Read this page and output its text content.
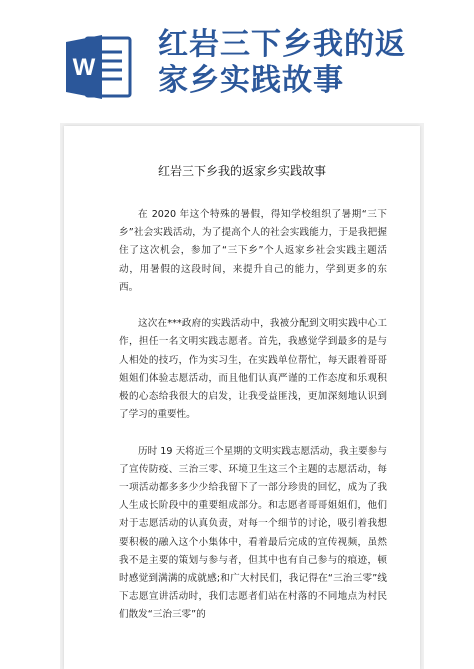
W
红岩三下乡我的返
家乡实践故事
红岩三下乡我的返家乡实践故事

在 2020 年这个特殊的暑假，得知学校组织了暑期“三下乡”社会实践活动，为了提高个人的社会实践能力，于是我把握住了这次机会，参加了“三下乡”个人返家乡社会实践主题活动，用暑假的这段时间，来提升自己的能力，学到更多的东西。

这次在***政府的实践活动中，我被分配到文明实践中心工作，担任一名文明实践志愿者。首先，我感觉学到最多的是与人相处的技巧，作为实习生，在实践单位帮忙，每天跟着哥哥姐姐们体验志愿活动，而且他们认真严谨的工作态度和乐观积极的心态给我很大的启发，让我受益匪浅，更加深刻地认识到了学习的重要性。

历时 19 天将近三个星期的文明实践志愿活动，我主要参与了宣传防疫、三治三零、环境卫生这三个主题的志愿活动，每一项活动都多多少少给我留下了一部分珍贵的回忆，成为了我人生成长阶段中的重要组成部分。和志愿者哥哥姐姐们，他们对于志愿活动的认真负责，对每一个细节的讨论，吸引着我想要积极的融入这个小集体中，看着最后完成的宣传视频，虽然我不是主要的策划与参与者，但其中也有自己参与的痕迹，顿时感觉到满满的成就感;和广大村民们，我记得在“三治三零”线下志愿宣讲活动时，我们志愿者们站在村落的不同地点为村民们散发“三治三零”的
